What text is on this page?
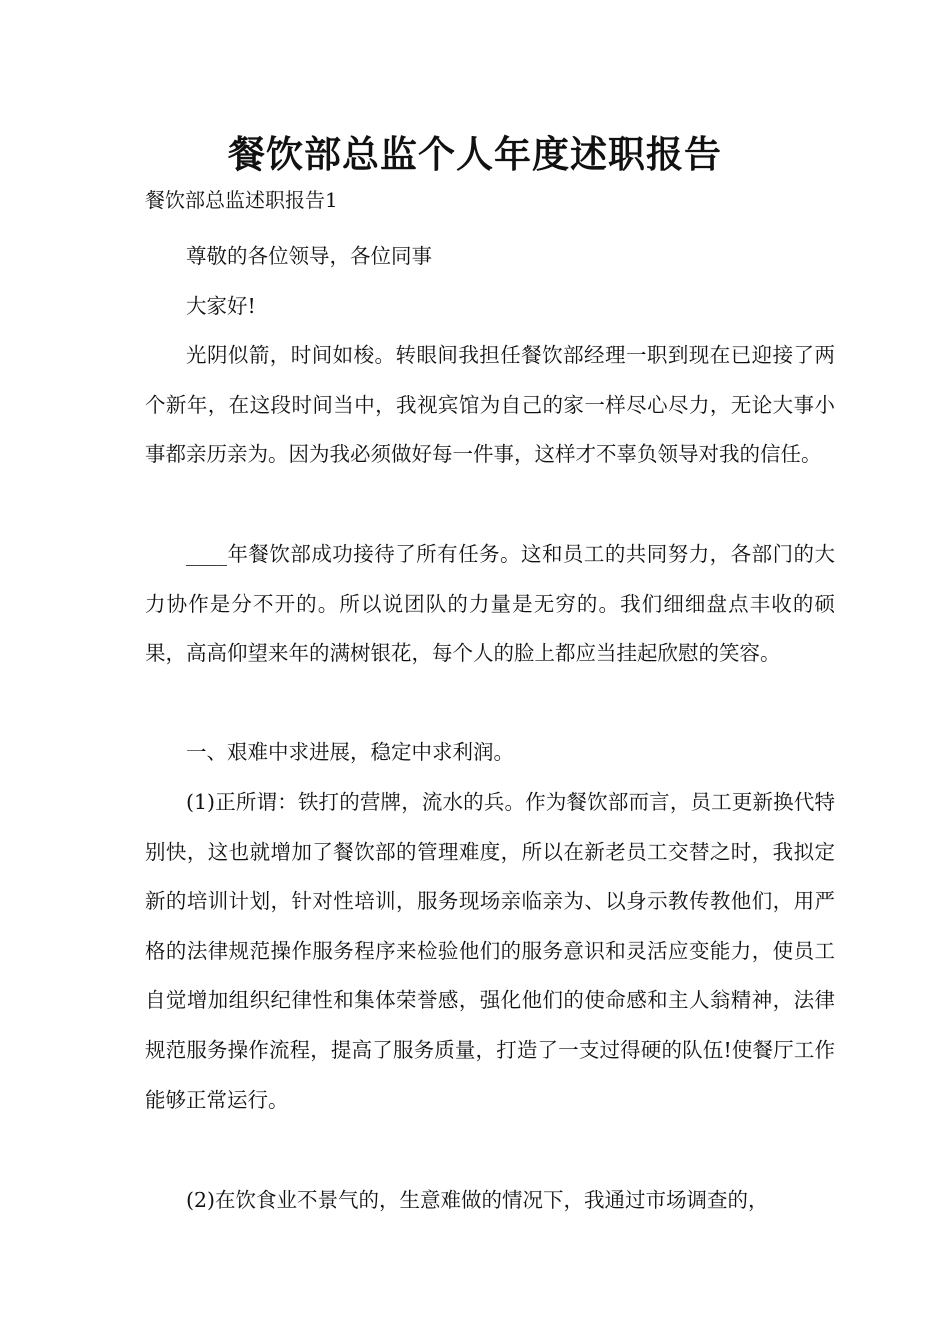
餐饮部总监个人年度述职报告
餐饮部总监述职报告1

尊敬的各位领导，各位同事

大家好!

光阴似箭，时间如梭。转眼间我担任餐饮部经理一职到现在已迎接了两个新年，在这段时间当中，我视宾馆为自己的家一样尽心尽力，无论大事小事都亲历亲为。因为我必须做好每一件事，这样才不辜负领导对我的信任。

____年餐饮部成功接待了所有任务。这和员工的共同努力，各部门的大力协作是分不开的。所以说团队的力量是无穷的。我们细细盘点丰收的硕果，高高仰望来年的满树银花，每个人的脸上都应当挂起欣慰的笑容。

一、艰难中求进展，稳定中求利润。

(1)正所谓：铁打的营牌，流水的兵。作为餐饮部而言，员工更新换代特别快，这也就增加了餐饮部的管理难度，所以在新老员工交替之时，我拟定新的培训计划，针对性培训，服务现场亲临亲为、以身示教传教他们，用严格的法律规范操作服务程序来检验他们的服务意识和灵活应变能力，使员工自觉增加组织纪律性和集体荣誉感，强化他们的使命感和主人翁精神，法律规范服务操作流程，提高了服务质量，打造了一支过得硬的队伍!使餐厅工作能够正常运行。

(2)在饮食业不景气的，生意难做的情况下，我通过市场调查的，
